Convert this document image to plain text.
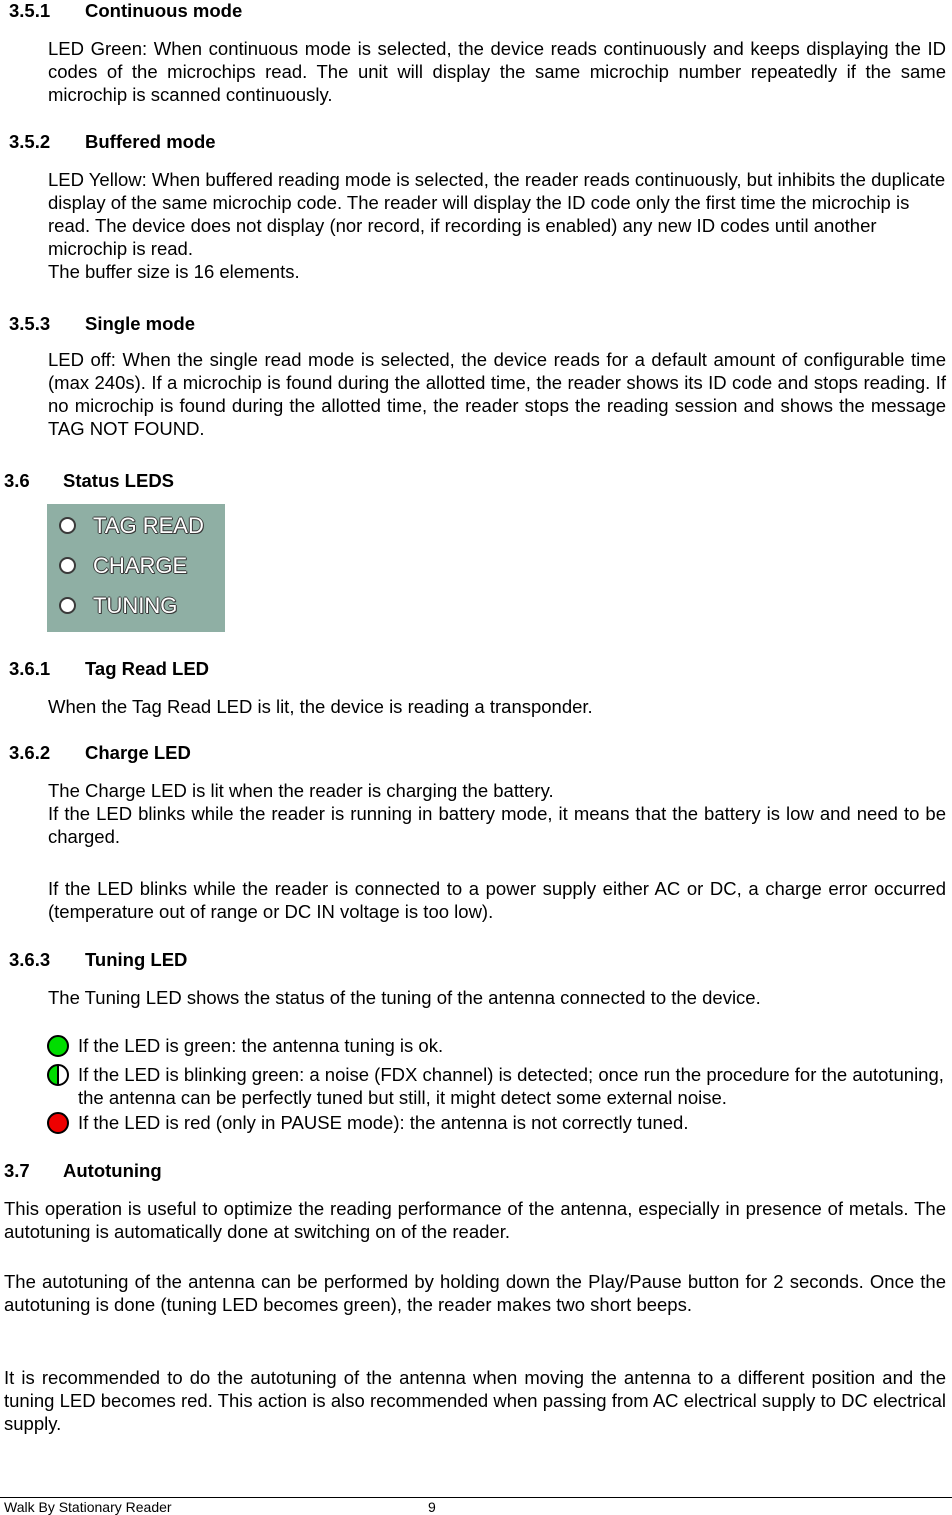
3.5.1 Continuous mode

LED Green: When continuous mode is selected, the device reads continuously and keeps displaying the ID codes of the microchips read. The unit will display the same microchip number repeatedly if the same microchip is scanned continuously.

3.5.2 Buffered mode
LED Yellow: When buffered reading mode is selected, the reader reads continuously, but inhibits the duplicate display of the same microchip code. The reader will display the ID code only the first time the microchip is read. The device does not display (nor record, if recording is enabled) any new ID codes until another microchip is read.
The buffer size is 16 elements.
3.5.3 Single mode

LED off: When the single read mode is selected, the device reads for a default amount of configurable time (max 240s). If a microchip is found during the allotted time, the reader shows its ID code and stops reading. If no microchip is found during the allotted time, the reader stops the reading session and shows the message TAG NOT FOUND.

3.6 Status LEDS
TAG READ
CHARGE
TUNING
3.6.1 Tag Read LED

When the Tag Read LED is lit, the device is reading a transponder.

3.6.2 Charge LED
The Charge LED is lit when the reader is charging the battery.
If the LED blinks while the reader is running in battery mode, it means that the battery is low and need to be charged.

If the LED blinks while the reader is connected to a power supply either AC or DC, a charge error occurred (temperature out of range or DC IN voltage is too low).

3.6.3 Tuning LED

The Tuning LED shows the status of the tuning of the antenna connected to the device.

If the LED is green: the antenna tuning is ok.
If the LED is blinking green: a noise (FDX channel) is detected; once run the procedure for the autotuning, the antenna can be perfectly tuned but still, it might detect some external noise.
If the LED is red (only in PAUSE mode): the antenna is not correctly tuned.
3.7 Autotuning

This operation is useful to optimize the reading performance of the antenna, especially in presence of metals. The autotuning is automatically done at switching on of the reader.

The autotuning of the antenna can be performed by holding down the Play/Pause button for 2 seconds. Once the autotuning is done (tuning LED becomes green), the reader makes two short beeps.

It is recommended to do the autotuning of the antenna when moving the antenna to a different position and the tuning LED becomes red. This action is also recommended when passing from AC electrical supply to DC electrical supply.

Walk By Stationary Reader	9
